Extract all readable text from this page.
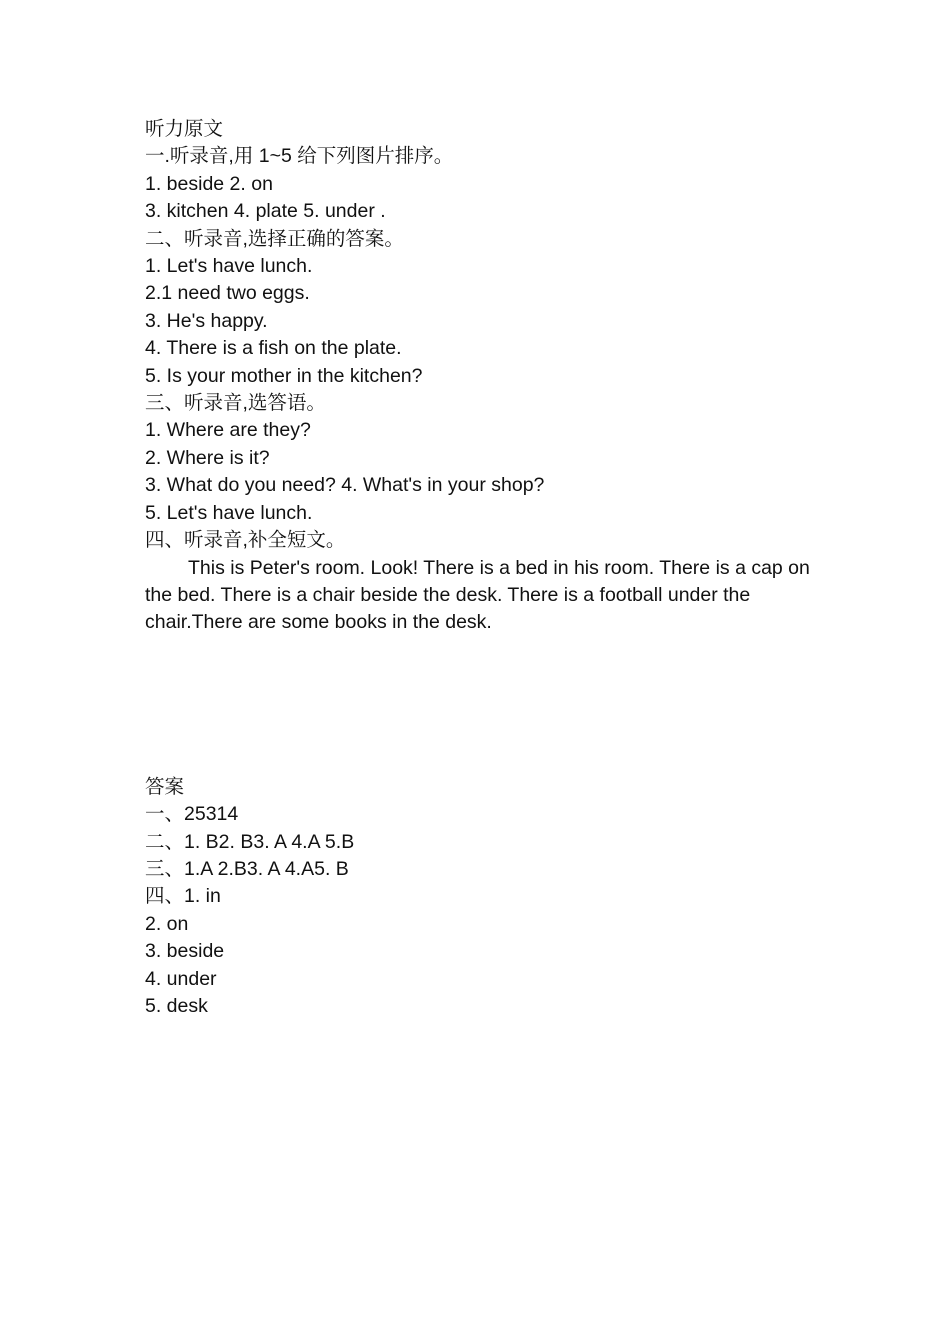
听力原文

一.听录音,用 1~5 给下列图片排序。

1. beside 2. on

3. kitchen 4. plate 5. under .

二、听录音,选择正确的答案。

1. Let's have lunch.

2.1 need two eggs.

3. He's happy.

4. There is a fish on the plate.

5. Is your mother in the kitchen?

三、听录音,选答语。

1. Where are they?

2. Where is it?

3. What do you need? 4. What's in your shop?

5. Let's have lunch.

四、听录音,补全短文。

This is Peter's room. Look! There is a bed in his room. There is a cap on the bed. There is a chair beside the desk. There is a football under the chair.There are some books in the desk.

答案

一、25314

二、1. B2. B3. A 4.A 5.B

三、1.A 2.B3. A 4.A5. B

四、1. in

2. on

3. beside

4. under

5. desk
